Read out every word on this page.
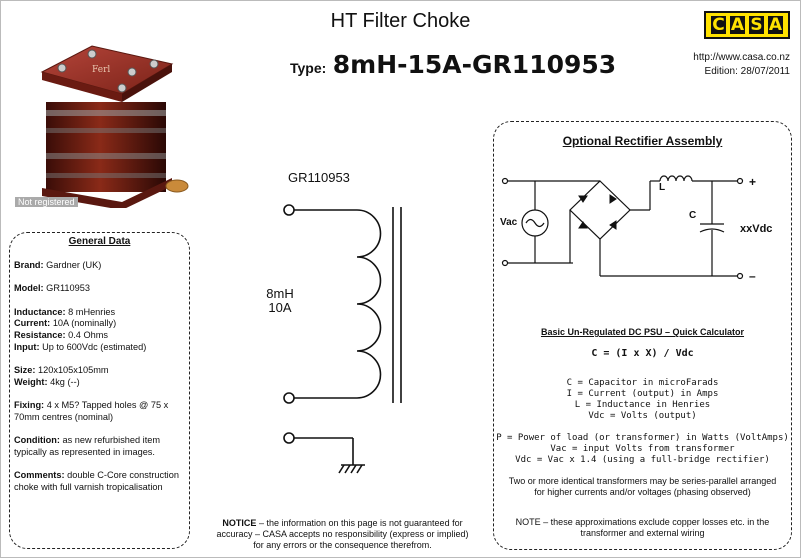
HT Filter Choke
Type: 8mH-15A-GR110953
C A S A
http://www.casa.co.nz
Edition: 28/07/2011
Ferl
Not registered
General Data
Brand: Gardner (UK)
Model: GR110953
Inductance: 8 mHenries
Current: 10A (nominally)
Resistance: 0.4 Ohms
Input: Up to 600Vdc (estimated)
Size: 120x105x105mm
Weight: 4kg (--)
Fixing: 4 x M5? Tapped holes @ 75 x 70mm centres (nominal)
Condition: as new refurbished item typically as represented in images.
Comments: double C-Core construction choke with full varnish tropicalisation
GR110953
8mH
10A
NOTICE – the information on this page is not guaranteed for accuracy – CASA accepts no responsibility (express or implied) for any errors or the consequence therefrom.
Optional Rectifier Assembly
Vac
L
C
xxVdc
+
–
Basic Un-Regulated DC PSU – Quick Calculator
C = (I x X) / Vdc
C = Capacitor in microFarads
I = Current (output) in Amps
L = Inductance in Henries
Vdc = Volts (output)
P = Power of load (or transformer) in Watts (VoltAmps)
Vac = input Volts from transformer
Vdc = Vac x 1.4 (using a full-bridge rectifier)
Two or more identical transformers may be series-parallel arranged for higher currents and/or voltages (phasing observed)
NOTE – these approximations exclude copper losses etc. in the transformer and external wiring
